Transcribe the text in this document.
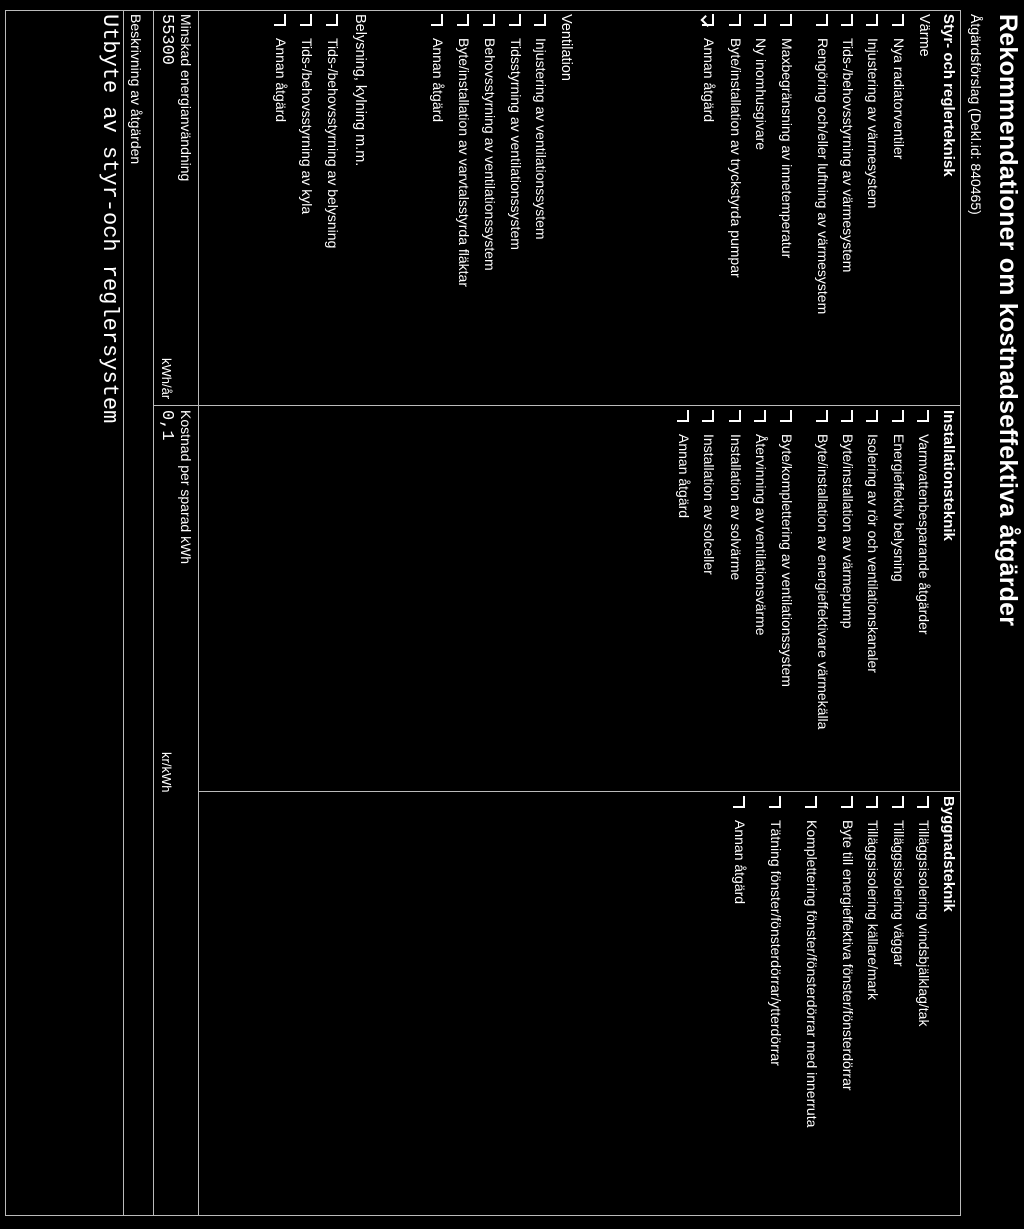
Rekommendationer om kostnadseffektiva åtgärder
Åtgärdsförslag (Dekl.id: 840465)
Styr- och reglerteknisk
Värme
Ventilation
Belysning, kylning m.m.
Installationsteknik
Byggnadsteknik
Minskad energianvändning
55300
kWh/år
Kostnad per sparad kWh
0,1
kr/kWh
Beskrivning av åtgärden
Utbyte av styr-och reglersystem	Nya radiatorventiler
Injustering av värmesystem
Tids-/behovsstyrning av värmesystem
Rengöring och/eller luftning av värmesystem
Maxbegränsning av innetemperatur
Ny inomhusgivare
Byte/installation av tryckstyrda pumpar
Annan åtgärd
Injustering av ventilationssystem
Tidsstyrning av ventilationssystem
Behovsstyrning av ventilationssystem
Byte/installation av varvtalsstyrda fläktar
Annan åtgärd
Tids-/behovsstyrning av belysning
Tids-/behovsstyrning av kyla
Annan åtgärd
Varmvattenbesparande åtgärder
Energieffektiv belysning
Isolering av rör och ventilationskanaler
Byte/installation av värmepump
Byte/installation av energieffektivare värmekälla
Byte/komplettering av ventilationssystem
Återvinning av ventilationsvärme
Installation av solvärme
Installation av solceller
Annan åtgärd
Tilläggsisolering vindsbjälklag/tak
Tilläggsisolering väggar
Tilläggsisolering källare/mark
Byte till energieffektiva fönster/fönsterdörrar
Komplettering fönster/fönsterdörrar med innerruta
Tätning fönster/fönsterdörrar/ytterdörrar
Annan åtgärd
